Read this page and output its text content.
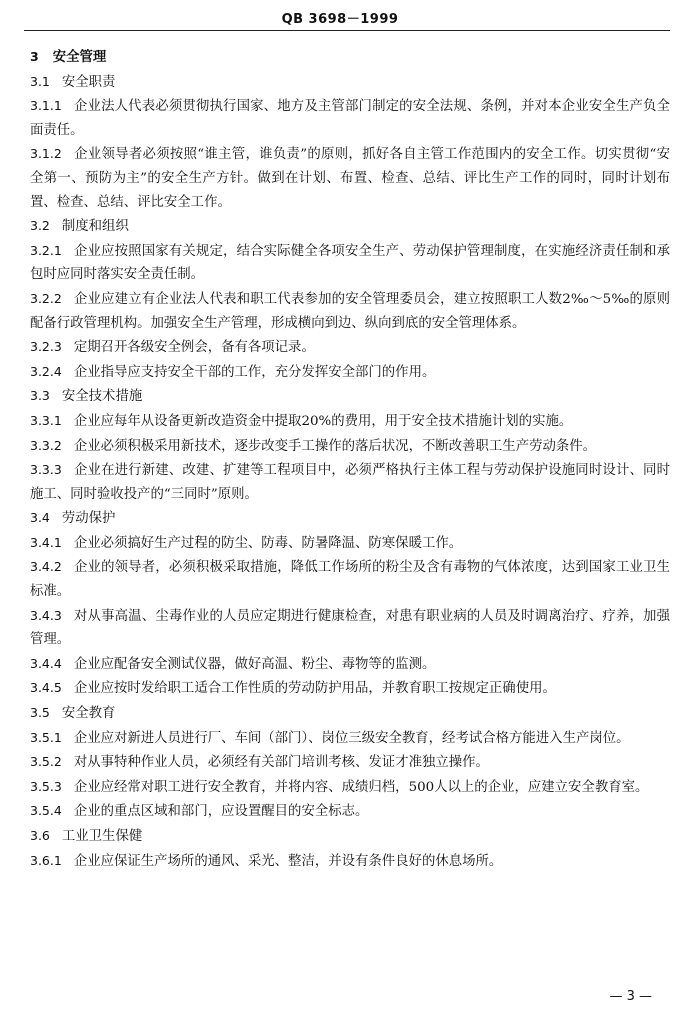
QB 3698－1999

3 安全管理

3.1 安全职责

3.1.1 企业法人代表必须贯彻执行国家、地方及主管部门制定的安全法规、条例，并对本企业安全生产负全面责任。

3.1.2 企业领导者必须按照“谁主管，谁负责”的原则，抓好各自主管工作范围内的安全工作。切实贯彻“安全第一、预防为主”的安全生产方针。做到在计划、布置、检查、总结、评比生产工作的同时，同时计划布置、检查、总结、评比安全工作。

3.2 制度和组织

3.2.1 企业应按照国家有关规定，结合实际健全各项安全生产、劳动保护管理制度，在实施经济责任制和承包时应同时落实安全责任制。

3.2.2 企业应建立有企业法人代表和职工代表参加的安全管理委员会，建立按照职工人数2‰～5‰的原则配备行政管理机构。加强安全生产管理，形成横向到边、纵向到底的安全管理体系。

3.2.3 定期召开各级安全例会，备有各项记录。

3.2.4 企业指导应支持安全干部的工作，充分发挥安全部门的作用。

3.3 安全技术措施

3.3.1 企业应每年从设备更新改造资金中提取20%的费用，用于安全技术措施计划的实施。

3.3.2 企业必须积极采用新技术，逐步改变手工操作的落后状况，不断改善职工生产劳动条件。

3.3.3 企业在进行新建、改建、扩建等工程项目中，必须严格执行主体工程与劳动保护设施同时设计、同时施工、同时验收投产的“三同时”原则。

3.4 劳动保护

3.4.1 企业必须搞好生产过程的防尘、防毒、防暑降温、防寒保暖工作。

3.4.2 企业的领导者，必须积极采取措施，降低工作场所的粉尘及含有毒物的气体浓度，达到国家工业卫生标准。

3.4.3 对从事高温、尘毒作业的人员应定期进行健康检查，对患有职业病的人员及时调离治疗、疗养，加强管理。

3.4.4 企业应配备安全测试仪器，做好高温、粉尘、毒物等的监测。

3.4.5 企业应按时发给职工适合工作性质的劳动防护用品，并教育职工按规定正确使用。

3.5 安全教育

3.5.1 企业应对新进人员进行厂、车间（部门）、岗位三级安全教育，经考试合格方能进入生产岗位。

3.5.2 对从事特种作业人员，必须经有关部门培训考核、发证才准独立操作。

3.5.3 企业应经常对职工进行安全教育，并将内容、成绩归档，500人以上的企业，应建立安全教育室。

3.5.4 企业的重点区域和部门，应设置醒目的安全标志。

3.6 工业卫生保健

3.6.1 企业应保证生产场所的通风、采光、整洁，并设有条件良好的休息场所。

— 3 —
